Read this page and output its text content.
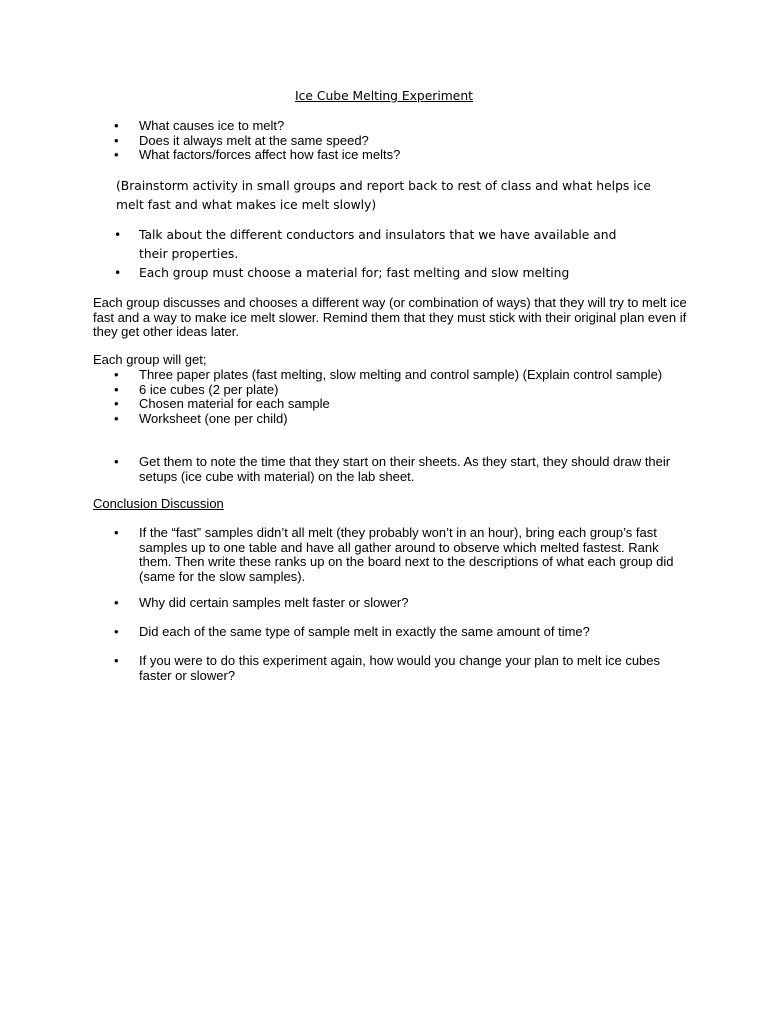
Ice Cube Melting Experiment
• What causes ice to melt?
• Does it always melt at the same speed?
• What factors/forces affect how fast ice melts?

(Brainstorm activity in small groups and report back to rest of class and what helps ice melt fast and what makes ice melt slowly)

• Talk about the different conductors and insulators that we have available and their properties.
• Each group must choose a material for; fast melting and slow melting

Each group discusses and chooses a different way (or combination of ways) that they will try to melt ice fast and a way to make ice melt slower. Remind them that they must stick with their original plan even if they get other ideas later.

Each group will get;

• Three paper plates (fast melting, slow melting and control sample) (Explain control sample)
• 6 ice cubes (2 per plate)
• Chosen material for each sample
• Worksheet (one per child)
• Get them to note the time that they start on their sheets. As they start, they should draw their setups (ice cube with material) on the lab sheet.

Conclusion Discussion

• If the “fast” samples didn’t all melt (they probably won’t in an hour), bring each group’s fast samples up to one table and have all gather around to observe which melted fastest. Rank them. Then write these ranks up on the board next to the descriptions of what each group did (same for the slow samples).
• Why did certain samples melt faster or slower?
• Did each of the same type of sample melt in exactly the same amount of time?
• If you were to do this experiment again, how would you change your plan to melt ice cubes faster or slower?
